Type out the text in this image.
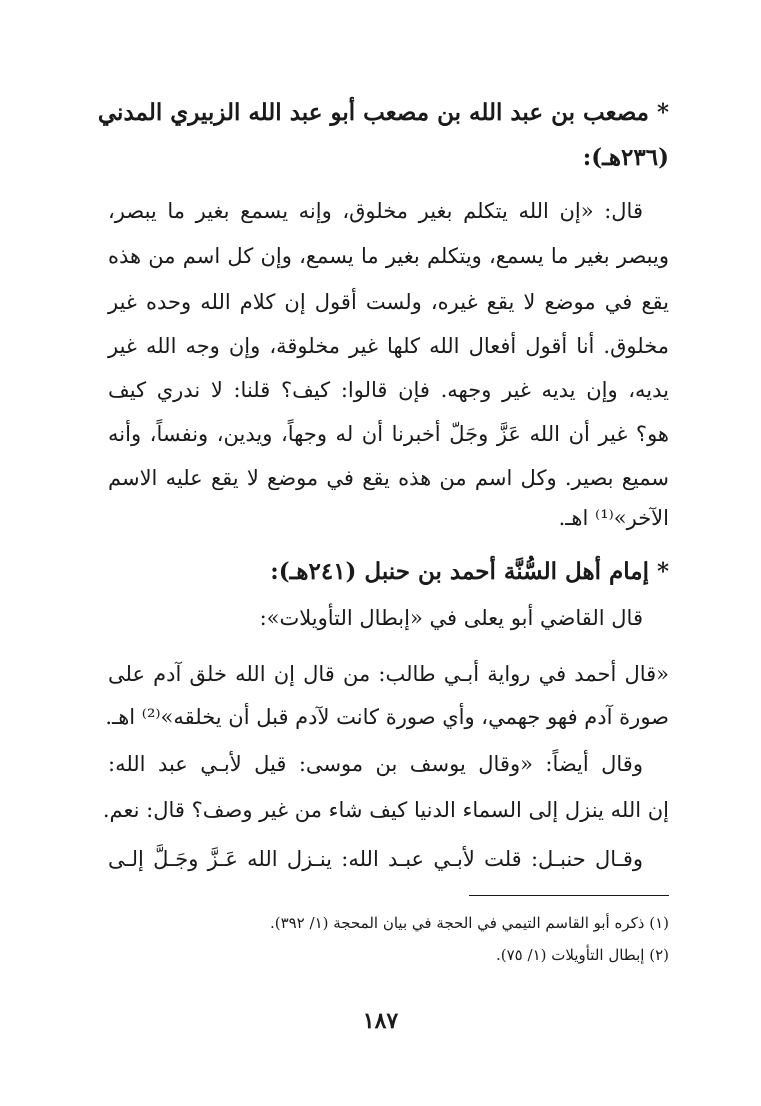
* مصعب بن عبد الله بن مصعب أبو عبد الله الزبيري المدني
(٢٣٦هـ):
قال: «إن الله يتكلم بغير مخلوق، وإنه يسمع بغير ما يبصر،
ويبصر بغير ما يسمع، ويتكلم بغير ما يسمع، وإن كل اسم من هذه
يقع في موضع لا يقع غيره، ولست أقول إن كلام الله وحده غير
مخلوق. أنا أقول أفعال الله كلها غير مخلوقة، وإن وجه الله غير
يديه، وإن يديه غير وجهه. فإن قالوا: كيف؟ قلنا: لا ندري كيف
هو؟ غير أن الله عَزَّ وجَلّ أخبرنا أن له وجهاً، ويدين، ونفساً، وأنه
سميع بصير. وكل اسم من هذه يقع في موضع لا يقع عليه الاسم
الآخر»⁽¹⁾ اهـ.
* إمام أهل السُّنَّة أحمد بن حنبل (٢٤١هـ):
قال القاضي أبو يعلى في «إبطال التأويلات»:
«قال أحمد في رواية أبـي طالب: من قال إن الله خلق آدم على
صورة آدم فهو جهمي، وأي صورة كانت لآدم قبل أن يخلقه»⁽²⁾ اهـ.
وقال أيضاً: «وقال يوسف بن موسى: قيل لأبـي عبد الله:
إن الله ينزل إلى السماء الدنيا كيف شاء من غير وصف؟ قال: نعم.
وقـال حنبـل: قلت لأبـي عبـد الله: ينـزل الله عَـزَّ وجَـلَّ إلـى
(١) ذكره أبو القاسم التيمي في الحجة في بيان المحجة (١/ ٣٩٢).
(٢) إبطال التأويلات (١/ ٧٥).
١٨٧
